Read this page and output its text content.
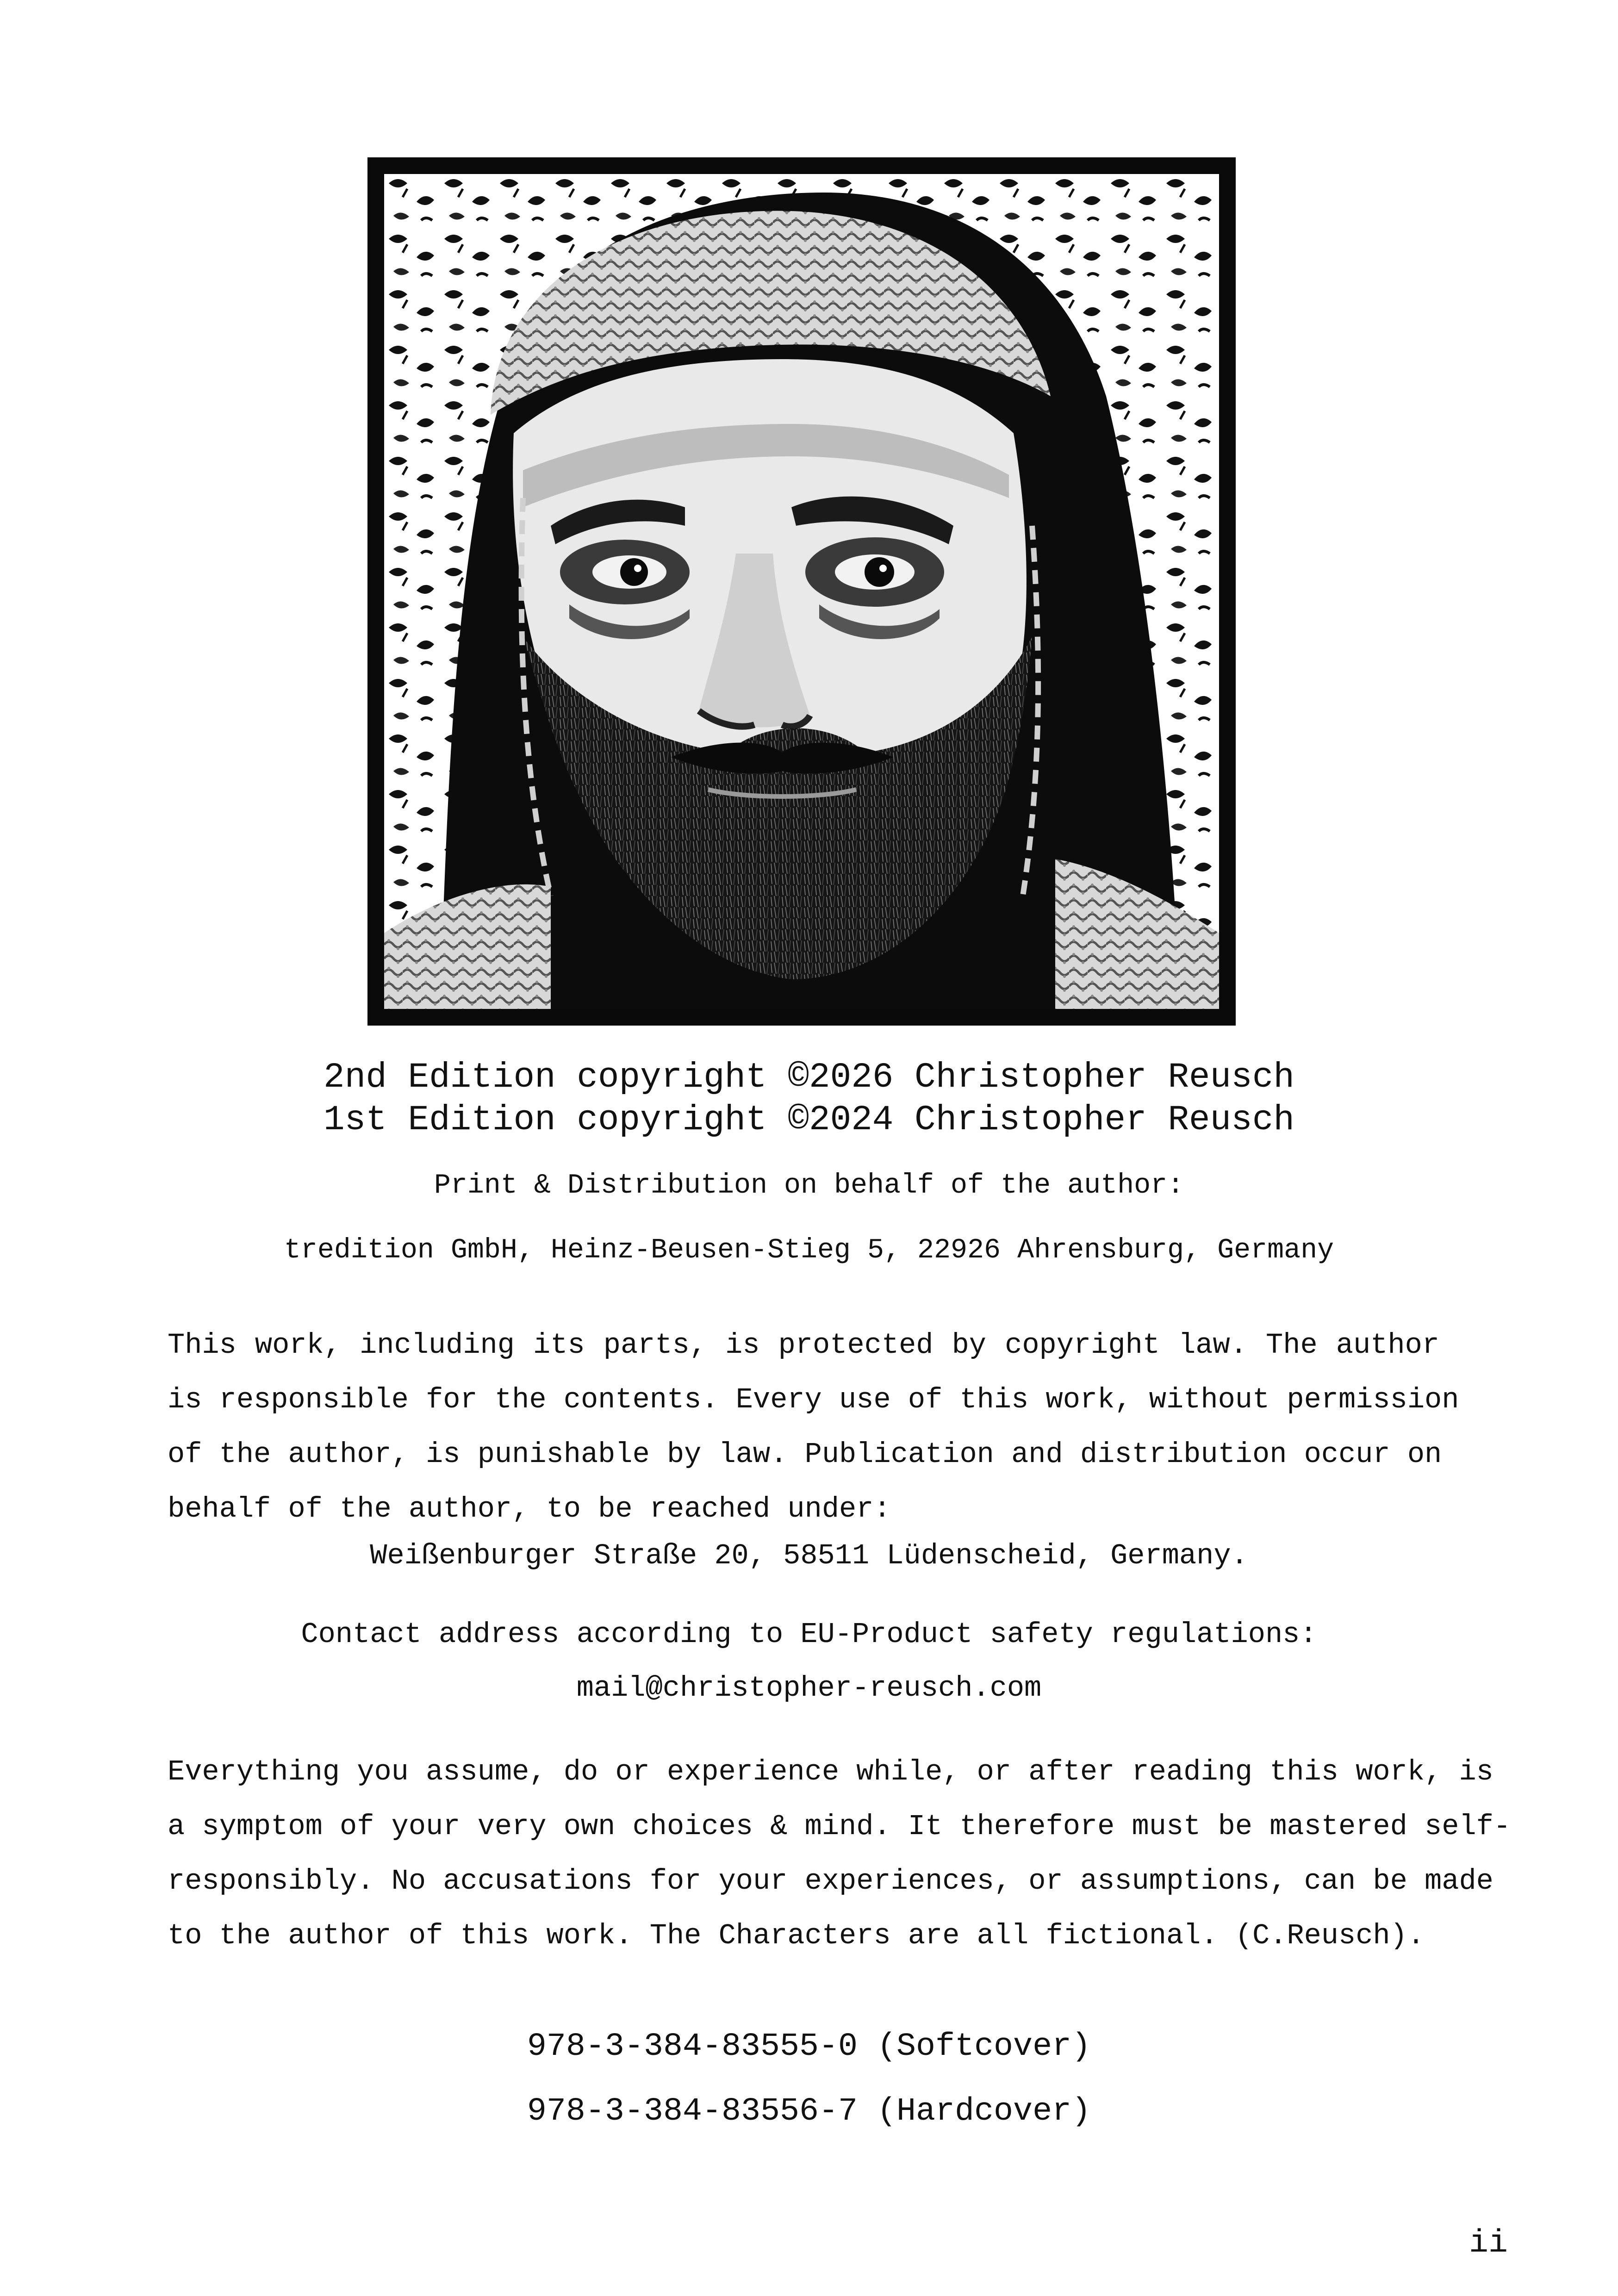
2nd Edition copyright ©2026 Christopher Reusch
1st Edition copyright ©2024 Christopher Reusch
Print & Distribution on behalf of the author:
tredition GmbH, Heinz-Beusen-Stieg 5, 22926 Ahrensburg, Germany
This work, including its parts, is protected by copyright law. The author
is responsible for the contents. Every use of this work, without permission
of the author, is punishable by law. Publication and distribution occur on
behalf of the author, to be reached under:
Weißenburger Straße 20, 58511 Lüdenscheid, Germany.
Contact address according to EU-Product safety regulations:
mail@christopher-reusch.com
Everything you assume, do or experience while, or after reading this work, is
a symptom of your very own choices & mind. It therefore must be mastered self-
responsibly. No accusations for your experiences, or assumptions, can be made
to the author of this work. The Characters are all fictional. (C.Reusch).
978-3-384-83555-0 (Softcover)
978-3-384-83556-7 (Hardcover)
ii
